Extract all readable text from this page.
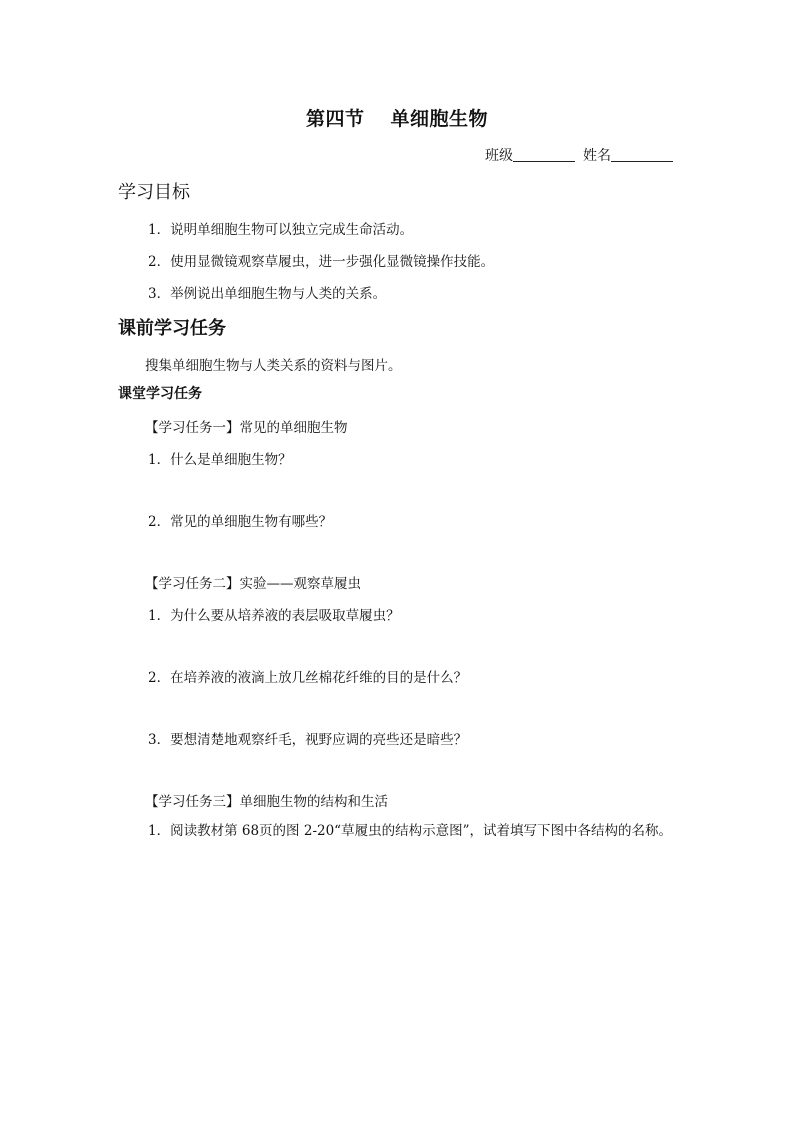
第四节 单细胞生物
班级	姓名
学习目标
1．说明单细胞生物可以独立完成生命活动。
2．使用显微镜观察草履虫，进一步强化显微镜操作技能。
3．举例说出单细胞生物与人类的关系。
课前学习任务
搜集单细胞生物与人类关系的资料与图片。
课堂学习任务
【学习任务一】常见的单细胞生物
1．什么是单细胞生物？
2．常见的单细胞生物有哪些？
【学习任务二】实验——观察草履虫
1．为什么要从培养液的表层吸取草履虫？
2．在培养液的液滴上放几丝棉花纤维的目的是什么？
3．要想清楚地观察纤毛，视野应调的亮些还是暗些？
【学习任务三】单细胞生物的结构和生活
1．阅读教材第 68页的图 2-20“草履虫的结构示意图”，试着填写下图中各结构的名称。
